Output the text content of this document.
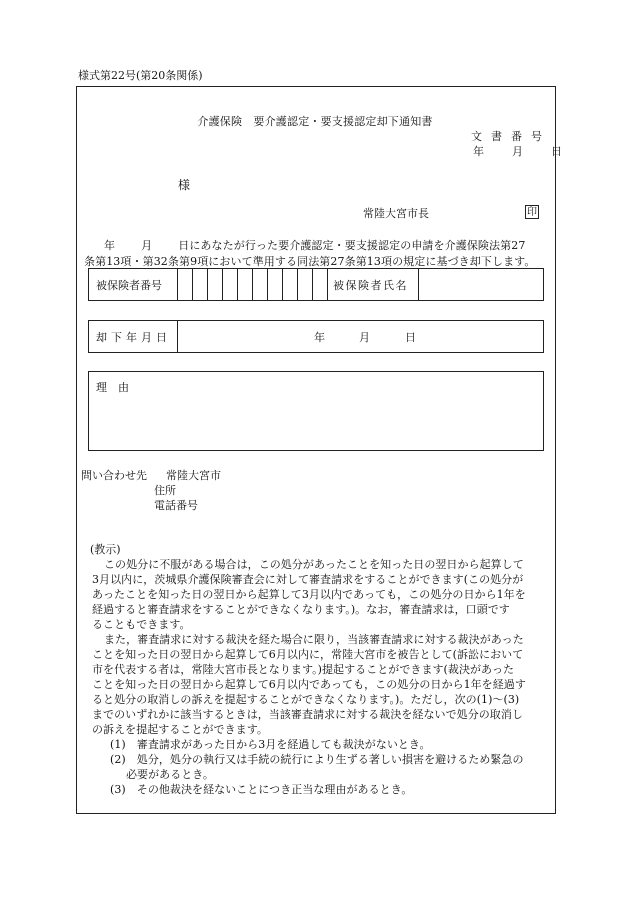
様式第22号(第20条関係)
介護保険　要介護認定・要支援認定却下通知書
文書番号
年	月	日
様
常陸大宮市長	印
年 月 日にあなたが行った要介護認定・要支援認定の申請を介護保険法第27
条第13項・第32条第9項において準用する同法第27条第13項の規定に基づき却下します。
被保険者番号	被保険者氏名
却下年月日	年	月	日
理　由
問い合わせ先 常陸大宮市
住所
電話番号
(教示)
この処分に不服がある場合は，この処分があったことを知った日の翌日から起算して
3月以内に，茨城県介護保険審査会に対して審査請求をすることができます(この処分が
あったことを知った日の翌日から起算して3月以内であっても，この処分の日から1年を
経過すると審査請求をすることができなくなります。)。なお，審査請求は，口頭です
ることもできます。
また，審査請求に対する裁決を経た場合に限り，当該審査請求に対する裁決があった
ことを知った日の翌日から起算して6月以内に，常陸大宮市を被告として(訴訟において
市を代表する者は，常陸大宮市長となります。)提起することができます(裁決があった
ことを知った日の翌日から起算して6月以内であっても，この処分の日から1年を経過す
ると処分の取消しの訴えを提起することができなくなります。)。ただし，次の(1)～(3)
までのいずれかに該当するときは，当該審査請求に対する裁決を経ないで処分の取消し
の訴えを提起することができます。
(1)　審査請求があった日から3月を経過しても裁決がないとき。
(2)　処分，処分の執行又は手続の続行により生ずる著しい損害を避けるため緊急の
必要があるとき。
(3)　その他裁決を経ないことにつき正当な理由があるとき。
